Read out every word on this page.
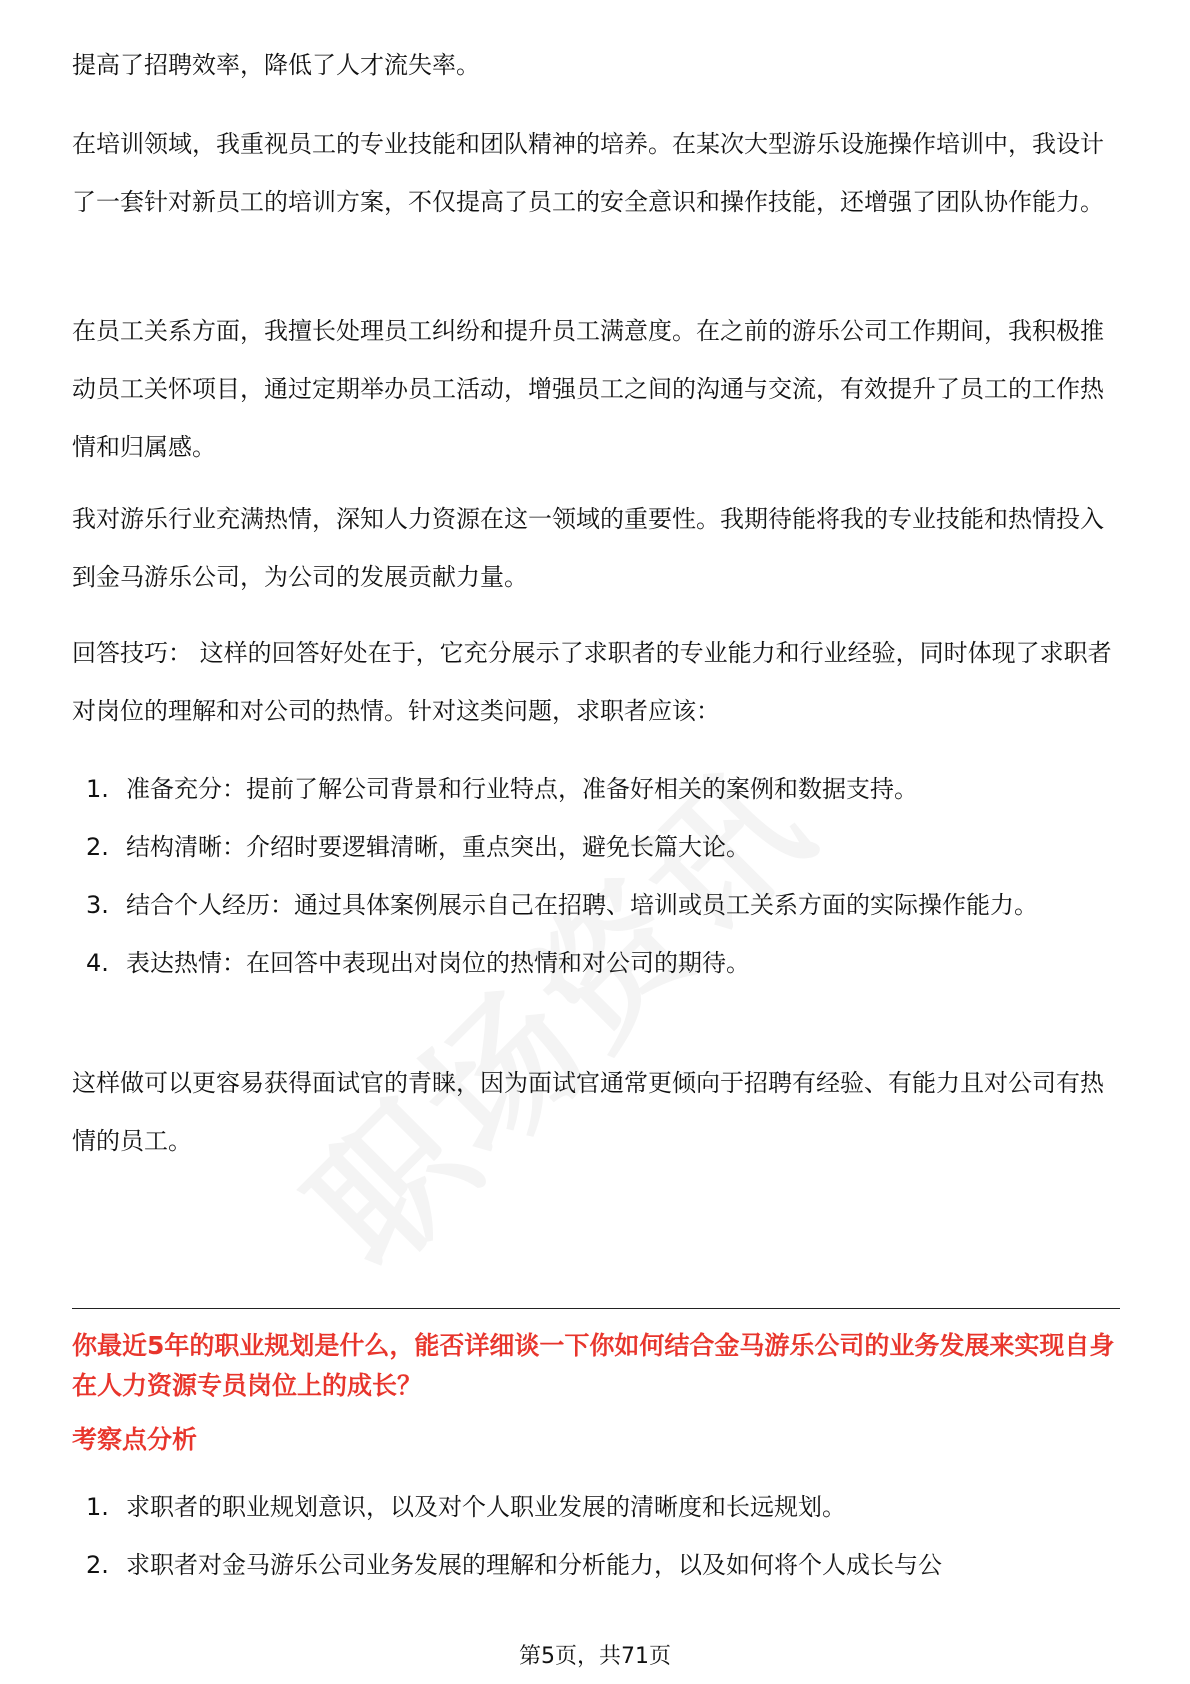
提高了招聘效率，降低了人才流失率。

在培训领域，我重视员工的专业技能和团队精神的培养。在某次大型游乐设施操作培训中，我设计了一套针对新员工的培训方案，不仅提高了员工的安全意识和操作技能，还增强了团队协作能力。

在员工关系方面，我擅长处理员工纠纷和提升员工满意度。在之前的游乐公司工作期间，我积极推动员工关怀项目，通过定期举办员工活动，增强员工之间的沟通与交流，有效提升了员工的工作热情和归属感。

我对游乐行业充满热情，深知人力资源在这一领域的重要性。我期待能将我的专业技能和热情投入到金马游乐公司，为公司的发展贡献力量。

回答技巧： 这样的回答好处在于，它充分展示了求职者的专业能力和行业经验，同时体现了求职者对岗位的理解和对公司的热情。针对这类问题，求职者应该：

1. 准备充分：提前了解公司背景和行业特点，准备好相关的案例和数据支持。
2. 结构清晰：介绍时要逻辑清晰，重点突出，避免长篇大论。
3. 结合个人经历：通过具体案例展示自己在招聘、培训或员工关系方面的实际操作能力。
4. 表达热情：在回答中表现出对岗位的热情和对公司的期待。

这样做可以更容易获得面试官的青睐，因为面试官通常更倾向于招聘有经验、有能力且对公司有热情的员工。

你最近5年的职业规划是什么，能否详细谈一下你如何结合金马游乐公司的业务发展来实现自身在人力资源专员岗位上的成长？

考察点分析

1. 求职者的职业规划意识，以及对个人职业发展的清晰度和长远规划。
2. 求职者对金马游乐公司业务发展的理解和分析能力，以及如何将个人成长与公
第5页，共71页
